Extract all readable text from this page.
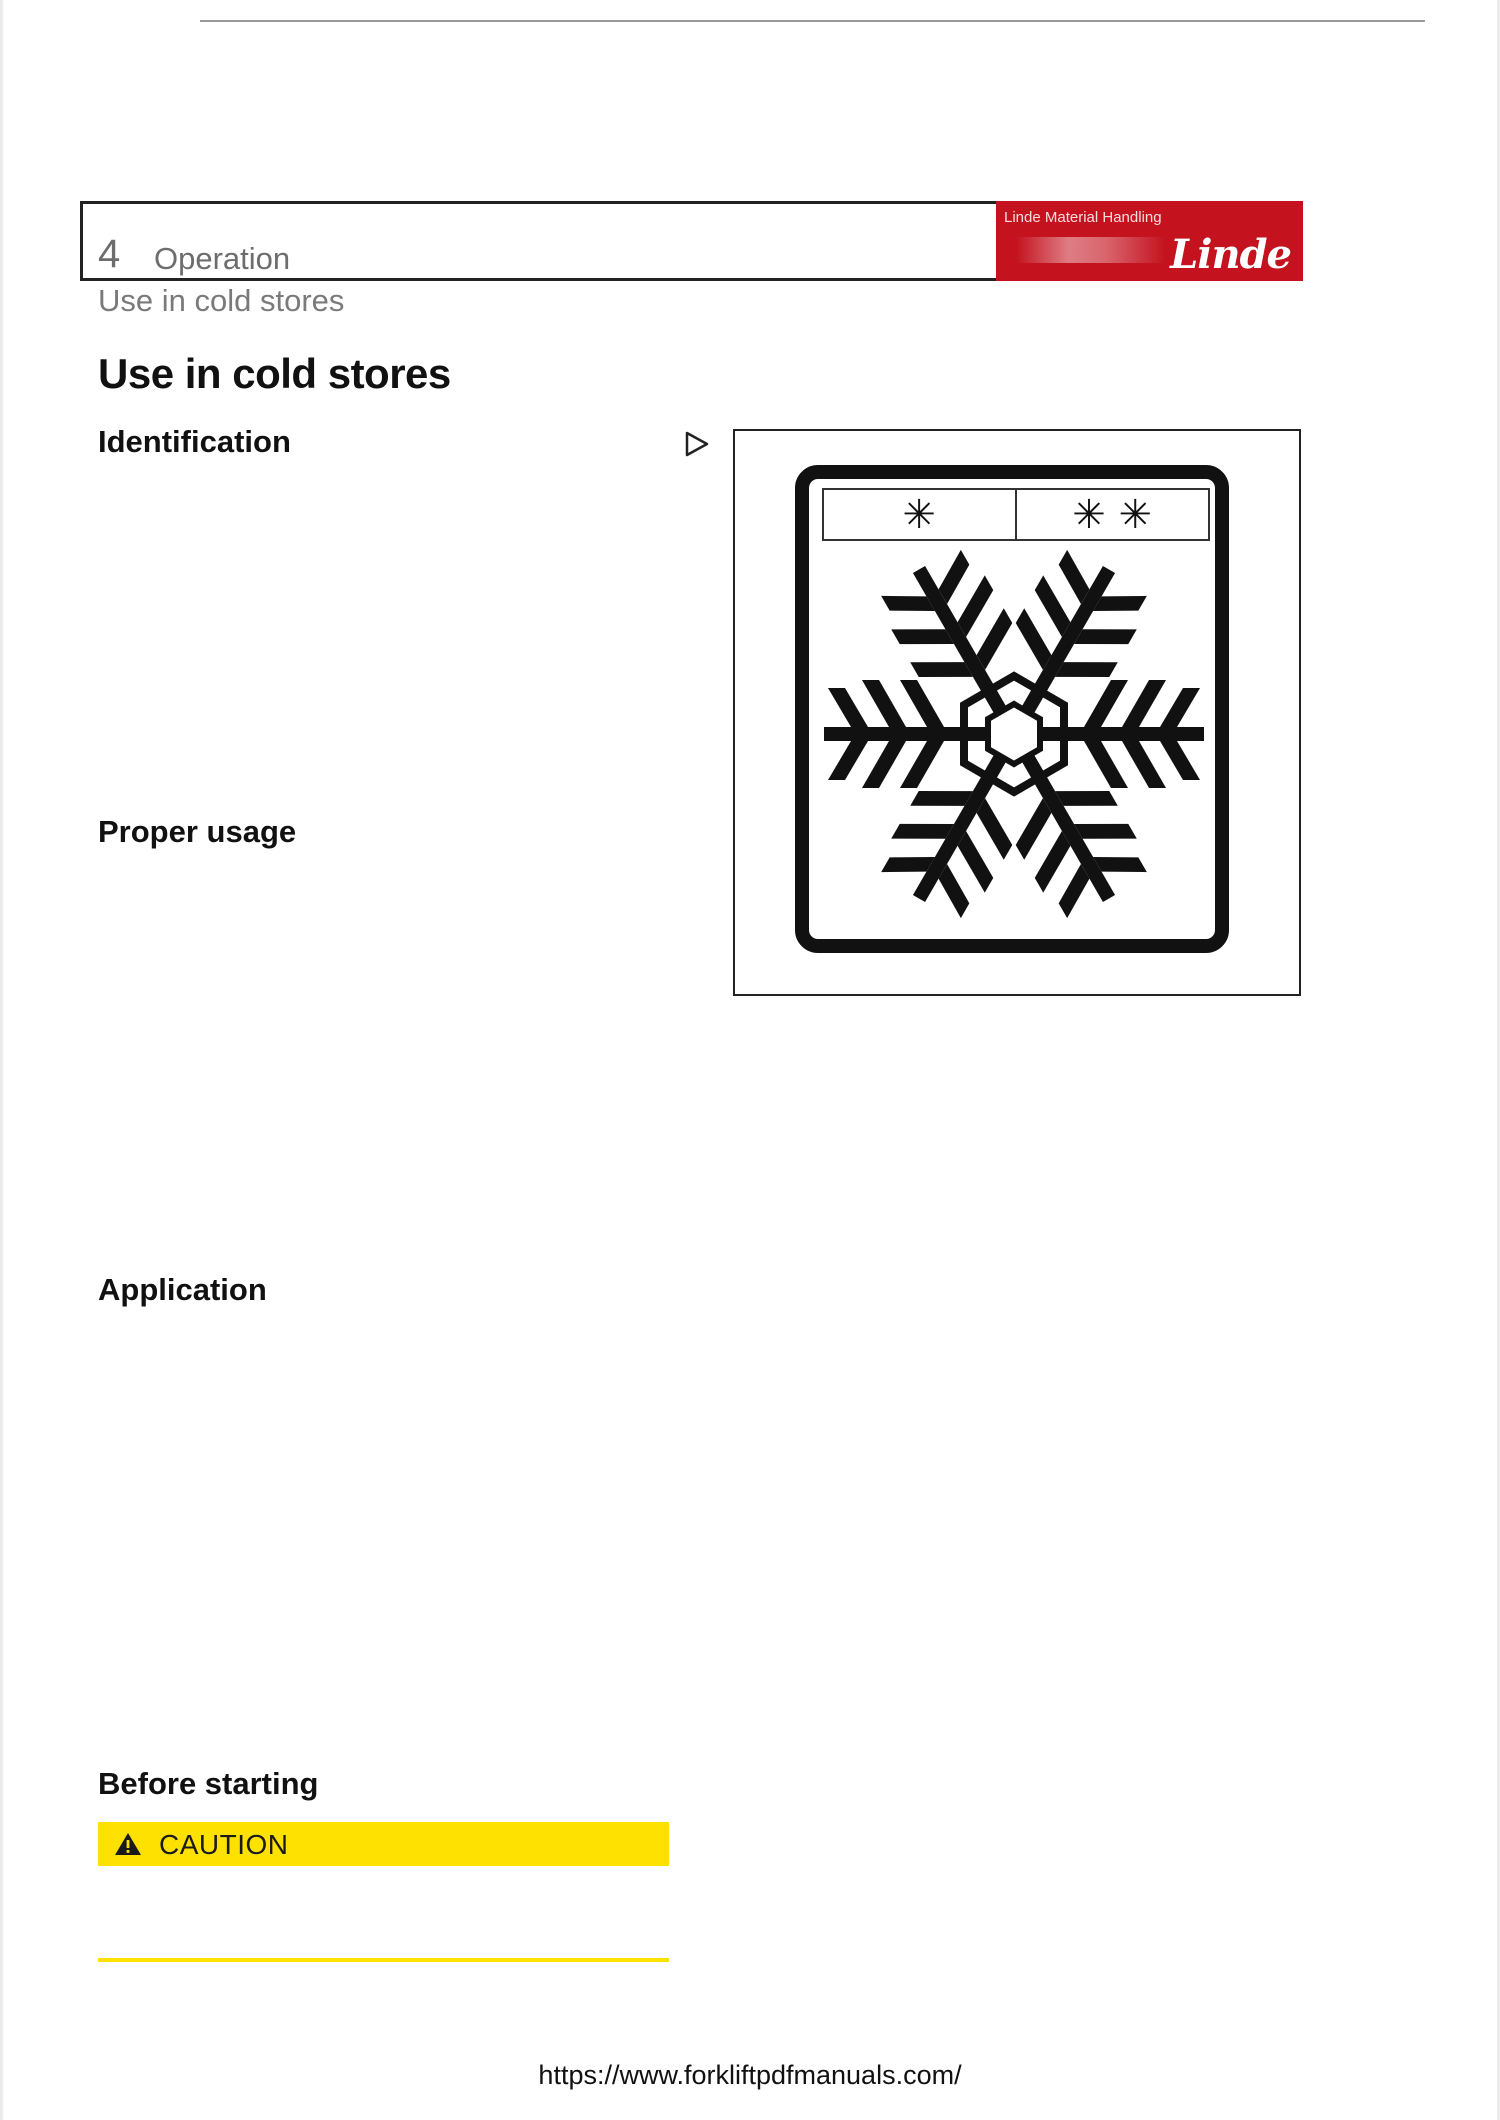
4 Operation
Linde Material Handling
Linde
Use in cold stores
Use in cold stores
Identification
Proper usage
Application
Before starting
✳	✳ ✳
CAUTION
https://www.forkliftpdfmanuals.com/
